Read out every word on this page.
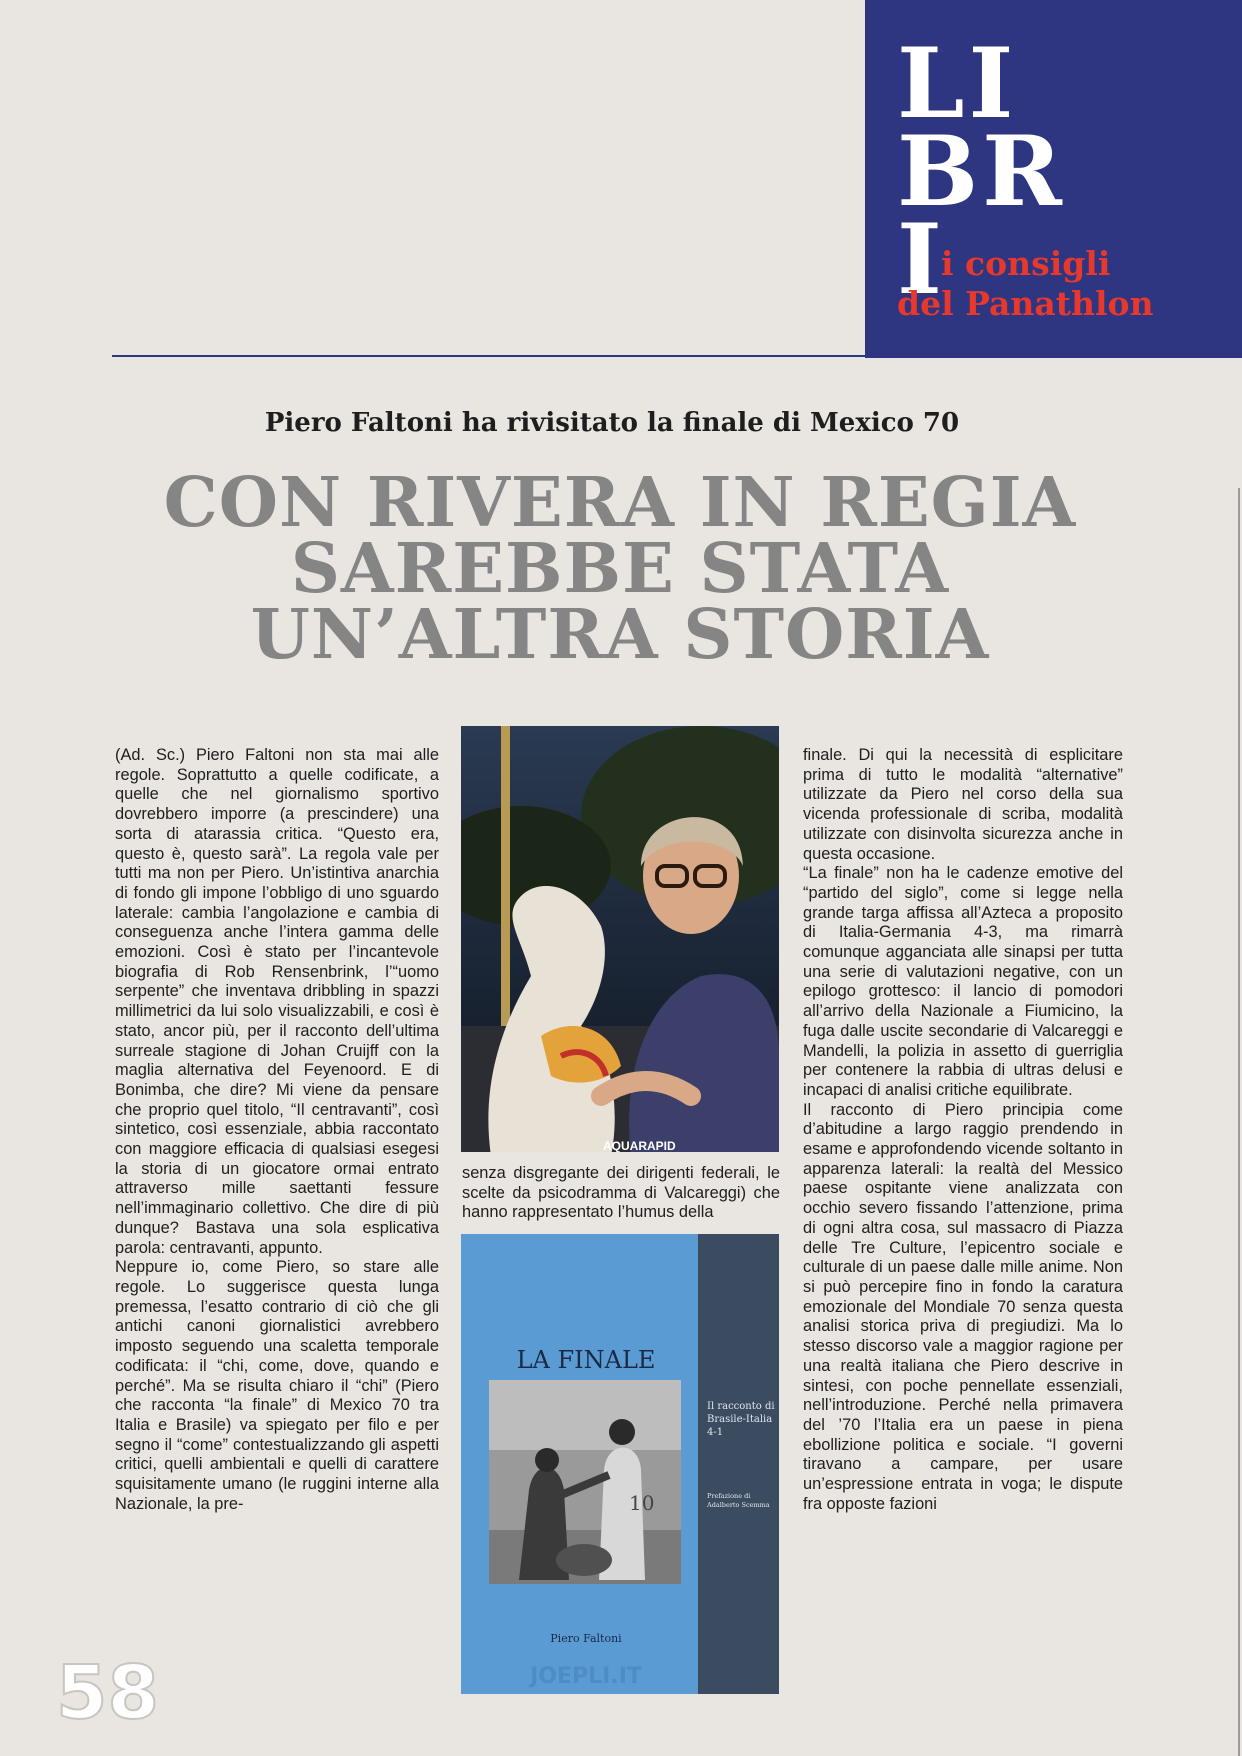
LI
BR
I
i consigli
del Panathlon
Piero Faltoni ha rivisitato la finale di Mexico 70
CON RIVERA IN REGIA
SAREBBE STATA
UN’ALTRA STORIA

(Ad. Sc.) Piero Faltoni non sta mai alle regole. Soprattutto a quelle codificate, a quelle che nel giornalismo sportivo dovrebbero imporre (a prescindere) una sorta di atarassia critica. “Questo era, questo è, questo sarà”. La regola vale per tutti ma non per Piero. Un’istintiva anarchia di fondo gli impone l’obbligo di uno sguardo laterale: cambia l’angolazione e cambia di conseguenza anche l’intera gamma delle emozioni. Così è stato per l’incantevole biografia di Rob Rensenbrink, l’“uomo serpente” che inventava dribbling in spazzi millimetrici da lui solo visualizzabili, e così è stato, ancor più, per il racconto dell’ultima surreale stagione di Johan Cruijff con la maglia alternativa del Feyenoord. E di Bonimba, che dire? Mi viene da pensare che proprio quel titolo, “Il centravanti”, così sintetico, così essenziale, abbia raccontato con maggiore efficacia di qualsiasi esegesi la storia di un giocatore ormai entrato attraverso mille saettanti fessure nell’immaginario collettivo. Che dire di più dunque? Bastava una sola esplicativa parola: centravanti, appunto.

Neppure io, come Piero, so stare alle regole. Lo suggerisce questa lunga premessa, l’esatto contrario di ciò che gli antichi canoni giornalistici avrebbero imposto seguendo una scaletta temporale codificata: il “chi, come, dove, quando e perché”. Ma se risulta chiaro il “chi” (Piero che racconta “la finale” di Mexico 70 tra Italia e Brasile) va spiegato per filo e per segno il “come” contestualizzando gli aspetti critici, quelli ambientali e quelli di carattere squisitamente umano (le ruggini interne alla Nazionale, la pre-

AQUARAPID

senza disgregante dei dirigenti federali, le scelte da psicodramma di Valcareggi) che hanno rappresentato l’humus della

LA FINALE
10
Piero Faltoni
Il racconto di Brasile-Italia 4-1
Prefazione di Adalberto Scemma
JOEPLI.IT

finale. Di qui la necessità di esplicitare prima di tutto le modalità “alternative” utilizzate da Piero nel corso della sua vicenda professionale di scriba, modalità utilizzate con disinvolta sicurezza anche in questa occasione.

“La finale” non ha le cadenze emotive del “partido del siglo”, come si legge nella grande targa affissa all’Azteca a proposito di Italia-Germania 4-3, ma rimarrà comunque agganciata alle sinapsi per tutta una serie di valutazioni negative, con un epilogo grottesco: il lancio di pomodori all’arrivo della Nazionale a Fiumicino, la fuga dalle uscite secondarie di Valcareggi e Mandelli, la polizia in assetto di guerriglia per contenere la rabbia di ultras delusi e incapaci di analisi critiche equilibrate.

Il racconto di Piero principia come d’abitudine a largo raggio prendendo in esame e approfondendo vicende soltanto in apparenza laterali: la realtà del Messico paese ospitante viene analizzata con occhio severo fissando l’attenzione, prima di ogni altra cosa, sul massacro di Piazza delle Tre Culture, l’epicentro sociale e culturale di un paese dalle mille anime. Non si può percepire fino in fondo la caratura emozionale del Mondiale 70 senza questa analisi storica priva di pregiudizi. Ma lo stesso discorso vale a maggior ragione per una realtà italiana che Piero descrive in sintesi, con poche pennellate essenziali, nell’introduzione. Perché nella primavera del ’70 l’Italia era un paese in piena ebollizione politica e sociale. “I governi tiravano a campare, per usare un’espressione entrata in voga; le dispute fra opposte fazioni

58
